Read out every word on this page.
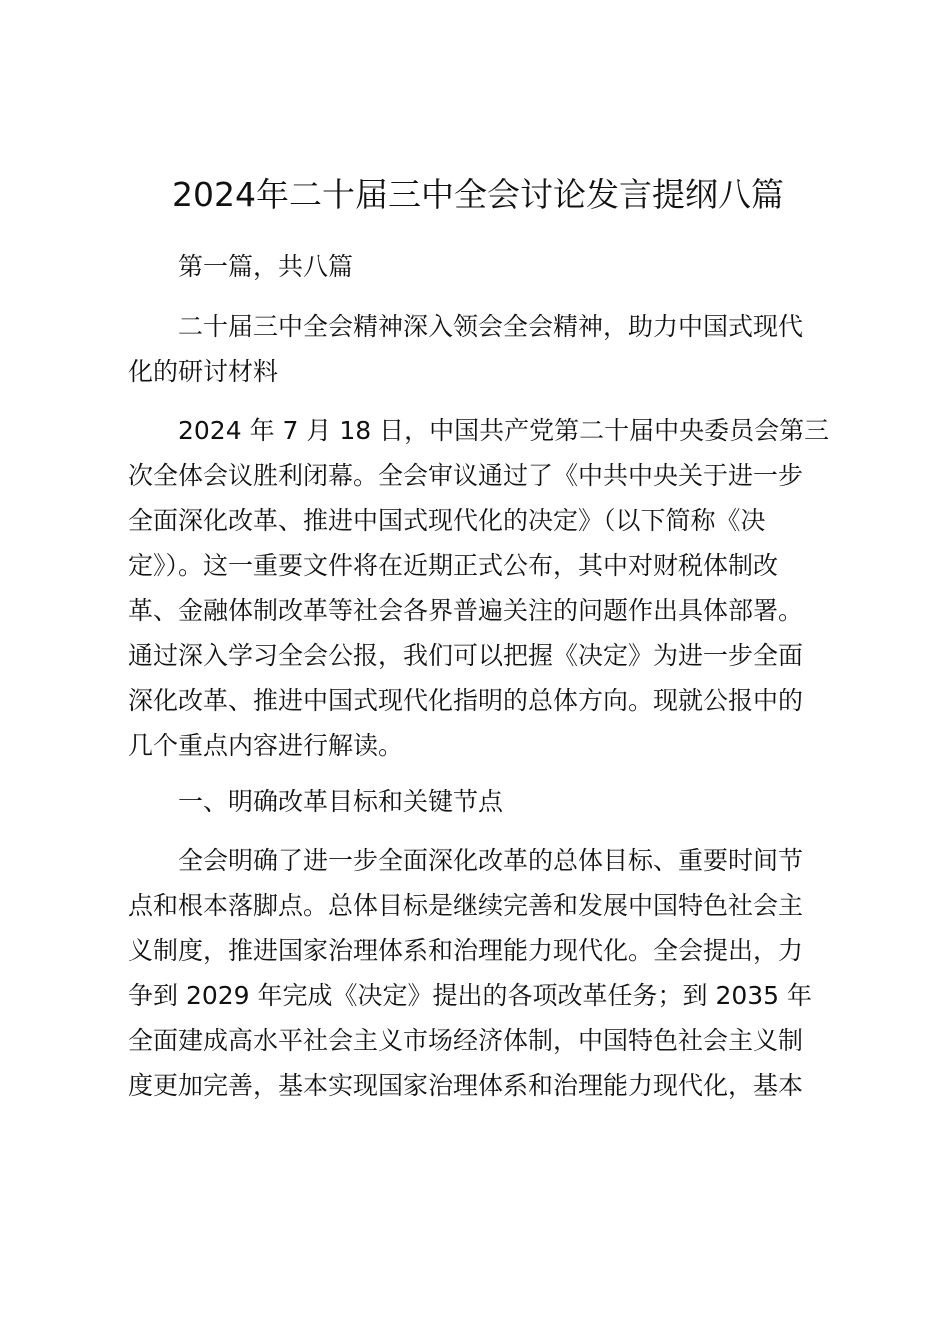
2024年二十届三中全会讨论发言提纲八篇

第一篇，共八篇

二十届三中全会精神深入领会全会精神，助力中国式现代
化的研讨材料

2024 年 7 月 18 日，中国共产党第二十届中央委员会第三
次全体会议胜利闭幕。全会审议通过了《中共中央关于进一步
全面深化改革、推进中国式现代化的决定》（以下简称《决
定》）。这一重要文件将在近期正式公布，其中对财税体制改
革、金融体制改革等社会各界普遍关注的问题作出具体部署。
通过深入学习全会公报，我们可以把握《决定》为进一步全面
深化改革、推进中国式现代化指明的总体方向。现就公报中的
几个重点内容进行解读。

一、明确改革目标和关键节点

全会明确了进一步全面深化改革的总体目标、重要时间节
点和根本落脚点。总体目标是继续完善和发展中国特色社会主
义制度，推进国家治理体系和治理能力现代化。全会提出，力
争到 2029 年完成《决定》提出的各项改革任务；到 2035 年
全面建成高水平社会主义市场经济体制，中国特色社会主义制
度更加完善，基本实现国家治理体系和治理能力现代化，基本
